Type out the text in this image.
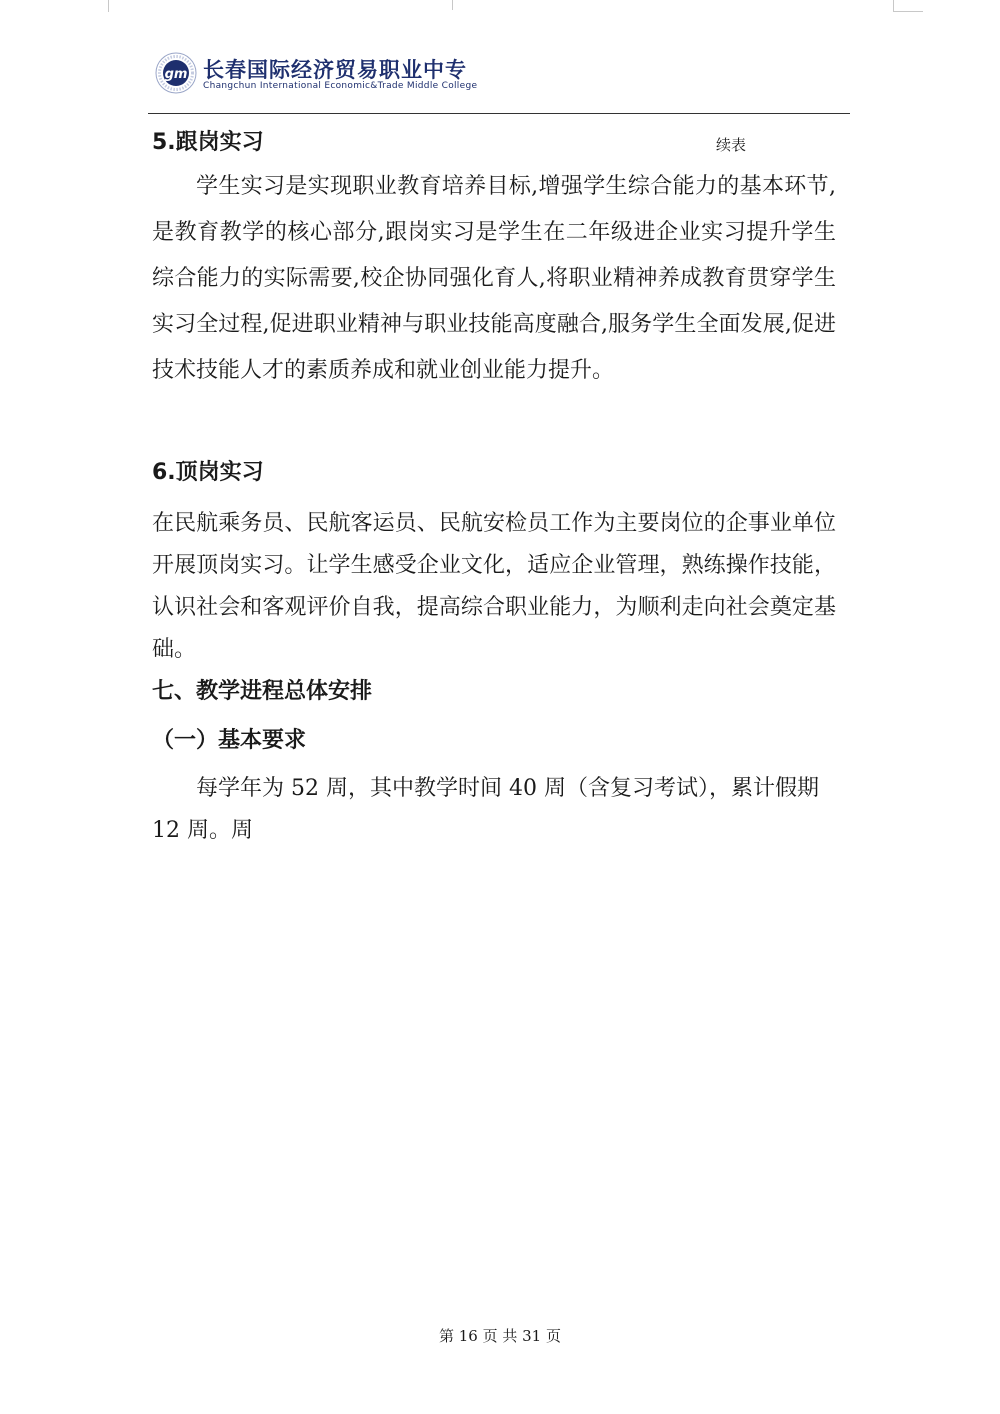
gm 长春国际经济贸易职业中专
Changchun International Economic&Trade Middle College
5.跟岗实习	续表

学生实习是实现职业教育培养目标,增强学生综合能力的基本环节,是教育教学的核心部分,跟岗实习是学生在二年级进企业实习提升学生综合能力的实际需要,校企协同强化育人,将职业精神养成教育贯穿学生实习全过程,促进职业精神与职业技能高度融合,服务学生全面发展,促进技术技能人才的素质养成和就业创业能力提升。

6.顶岗实习

在民航乘务员、民航客运员、民航安检员工作为主要岗位的企事业单位开展顶岗实习。让学生感受企业文化，适应企业管理，熟练操作技能，认识社会和客观评价自我，提高综合职业能力，为顺利走向社会奠定基础。

七、教学进程总体安排
（一）基本要求

每学年为 52 周，其中教学时间 40 周（含复习考试），累计假期 12 周。周

第 16 页 共 31 页
